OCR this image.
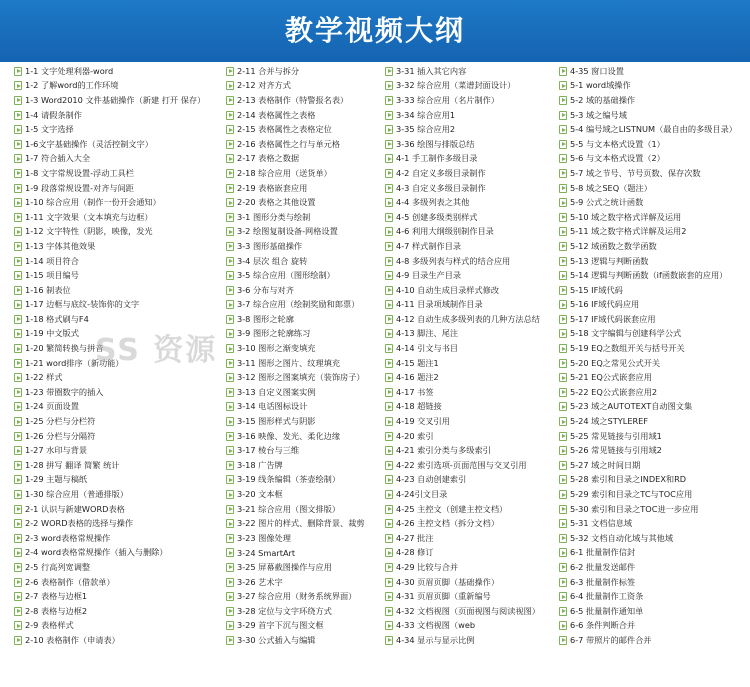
教学视频大纲
1-1 文字处理利器-word
1-2 了解word的工作环境
1-3 Word2010 文件基础操作（新建 打开 保存）
1-4 请假条制作
1-5 文字选择
1-6文字基础操作（灵活控制文字）
1-7 符合插入大全
1-8 文字常规设置-浮动工具栏
1-9 段落常规设置-对齐与间距
1-10 综合应用（制作一份开会通知）
1-11 文字效果（文本填充与边框）
1-12 文字特性（阴影，映像，发光
1-13 字体其他效果
1-14 项目符合
1-15 项目编号
1-16 制表位
1-17 边框与底纹-装饰你的文字
1-18 格式刷与F4
1-19 中文版式
1-20 繁简转换与拼音
1-21 word排序（新功能）
1-22 样式
1-23 带圈数字的插入
1-24 页面设置
1-25 分栏与分栏符
1-26 分栏与分隔符
1-27 水印与背景
1-28 拼写 翻译 简繁 统计
1-29 主题与稿纸
1-30 综合应用（普通排版）
2-1 认识与新建WORD表格
2-2 WORD表格的选择与操作
2-3 word表格常规操作
2-4 word表格常规操作（插入与删除）
2-5 行高列宽调整
2-6 表格制作（借款单）
2-7 表格与边框1
2-8 表格与边框2
2-9 表格样式
2-10 表格制作（申请表）
2-11 合并与拆分
2-12 对齐方式
2-13 表格制作（特警报名表）
2-14 表格属性之表格
2-15 表格属性之表格定位
2-16 表格属性之行与单元格
2-17 表格之数据
2-18 综合应用（送货单）
2-19 表格嵌套应用
2-20 表格之其他设置
3-1 图形分类与绘制
3-2 绘图复制设备-网格设置
3-3 图形基础操作
3-4 层次 组合 旋转
3-5 综合应用（图形绘制）
3-6 分布与对齐
3-7 综合应用（绘制奖励和郎票）
3-8 图形之轮廓
3-9 图形之轮廓练习
3-10 图形之渐变填充
3-11 图形之图片、纹理填充
3-12 图形之图案填充（装饰房子）
3-13 自定义图案实例
3-14 电话图标设计
3-15 图形样式与阴影
3-16 映像、发光、柔化边缘
3-17 棱台与三维
3-18 广告牌
3-19 线条编辑（茶壶绘制）
3-20 文本框
3-21 综合应用（图文排版）
3-22 图片的样式、删除背景、裁剪
3-23 图像处理
3-24 SmartArt
3-25 屏幕截图操作与应用
3-26 艺术字
3-27 综合应用（财务系统界面）
3-28 定位与文字环绕方式
3-29 首字下沉与图文框
3-30 公式插入与编辑
3-31 插入其它内容
3-32 综合应用（菜谱封面设计）
3-33 综合应用（名片制作）
3-34 综合应用1
3-35 综合应用2
3-36 绘图与排版总结
4-1 手工制作多级目录
4-2 自定义多级目录制作
4-3 自定义多级目录制作
4-4 多级列表之其他
4-5 创建多级类别样式
4-6 利用大纲级别制作目录
4-7 样式制作目录
4-8 多级列表与样式的结合应用
4-9 目录生产目录
4-10 自动生成目录样式修改
4-11 目录项域制作目录
4-12 自动生成多级列表的几种方法总结
4-13 脚注、尾注
4-14 引文与书目
4-15 题注1
4-16 题注2
4-17 书签
4-18 超链接
4-19 交叉引用
4-20 索引
4-21 索引分类与多级索引
4-22 索引选项-页面范围与交叉引用
4-23 自动创建索引
4-24引文目录
4-25 主控文（创建主控文档）
4-26 主控文档（拆分文档）
4-27 批注
4-28 修订
4-29 比较与合并
4-30 页眉页脚（基础操作）
4-31 页眉页脚（重新编号
4-32 文档视图（页面视图与阅读视图）
4-33 文档视图（web
4-34 显示与显示比例
4-35 窗口设置
5-1 word域操作
5-2 域的基础操作
5-3 域之编号域
5-4 编号域之LISTNUM（最自由的多级目录）
5-5 与文本格式设置（1）
5-6 与文本格式设置（2）
5-7 域之节号、节号页数、保存次数
5-8 域之SEQ（题注）
5-9 公式之统计函数
5-10 域之数字格式详解及运用
5-11 域之数字格式详解及运用2
5-12 域函数之数学函数
5-13 逻辑与判断函数
5-14 逻辑与判断函数（if函数嵌套的应用）
5-15 IF域代码
5-16 IF域代码应用
5-17 IF域代码嵌套应用
5-18 文字编辑与创建科学公式
5-19 EQ之数组开关与括号开关
5-20 EQ之常见公式开关
5-21 EQ公式嵌套应用
5-22 EQ公式嵌套应用2
5-23 域之AUTOTEXT自动图文集
5-24 域之STYLEREF
5-25 常见链接与引用域1
5-26 常见链接与引用域2
5-27 域之时间日期
5-28 索引和目录之INDEX和RD
5-29 索引和目录之TC与TOC应用
5-30 索引和目录之TOC进一步应用
5-31 文档信息域
5-32 文档自动化域与其他域
6-1 批量制作信封
6-2 批量发送邮件
6-3 批量制作标签
6-4 批量制作工资条
6-5 批量制作通知单
6-6 条件判断合并
6-7 带照片的邮件合并
SS 资源
